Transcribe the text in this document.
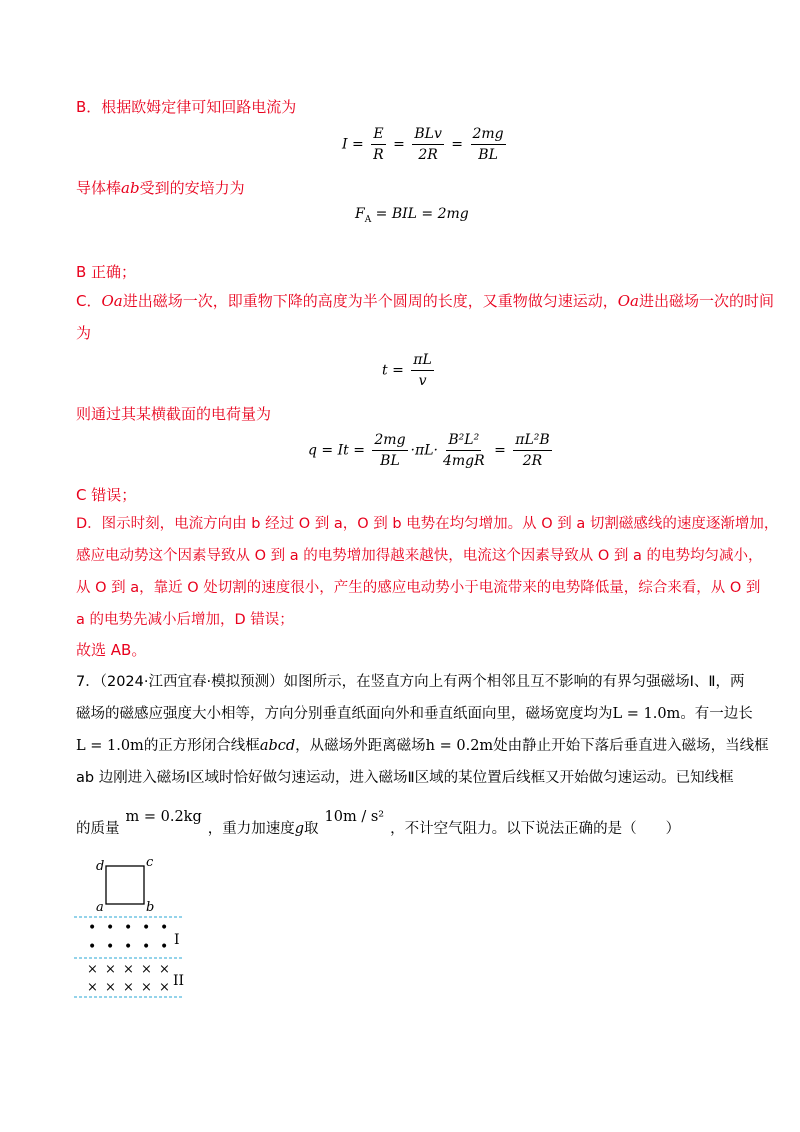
B．根据欧姆定律可知回路电流为
$I = \frac{E}{R} = \frac{\text{BLv}}{2R} = \frac{2mg}{BL}$
导体棒ab受到的安培力为
$F_A$ = BIL = 2mg
B 正确；
C．Oa进出磁场一次，即重物下降的高度为半个圆周的长度，又重物做匀速运动，Oa进出磁场一次的时间
为
$t = \frac{\pi L}{v}$
则通过其某横截面的电荷量为
$q = It = \frac{2mg}{BL} \cdot\pi L\cdot \frac{\text{B²L²}}{\text{4mgR}} = \frac{\text{πL²B}}{2R}$
C 错误；
D．图示时刻，电流方向由 b 经过 O 到 a，O 到 b 电势在均匀增加。从 O 到 a 切割磁感线的速度逐渐增加，
感应电动势这个因素导致从 O 到 a 的电势增加得越来越快，电流这个因素导致从 O 到 a 的电势均匀减小，
从 O 到 a，靠近 O 处切割的速度很小，产生的感应电动势小于电流带来的电势降低量，综合来看，从 O 到
a 的电势先减小后增加，D 错误；
故选 AB。
7．（2024·江西宜春·模拟预测）如图所示，在竖直方向上有两个相邻且互不影响的有界匀强磁场Ⅰ、Ⅱ，两
磁场的磁感应强度大小相等，方向分别垂直纸面向外和垂直纸面向里，磁场宽度均为L = 1.0m。有一边长
L = 1.0m的正方形闭合线框abcd，从磁场外距离磁场h = 0.2m处由静止开始下落后垂直进入磁场，当线框
ab 边刚进入磁场Ⅰ区域时恰好做匀速运动，进入磁场Ⅱ区域的某位置后线框又开始做匀速运动。已知线框
的质量m = 0.2kg，重力加速度g取10m / s²，不计空气阻力。以下说法正确的是（　　）
d	c
a	b
• • • • •
• • • • • I
× × × × ×
× × × × × II
